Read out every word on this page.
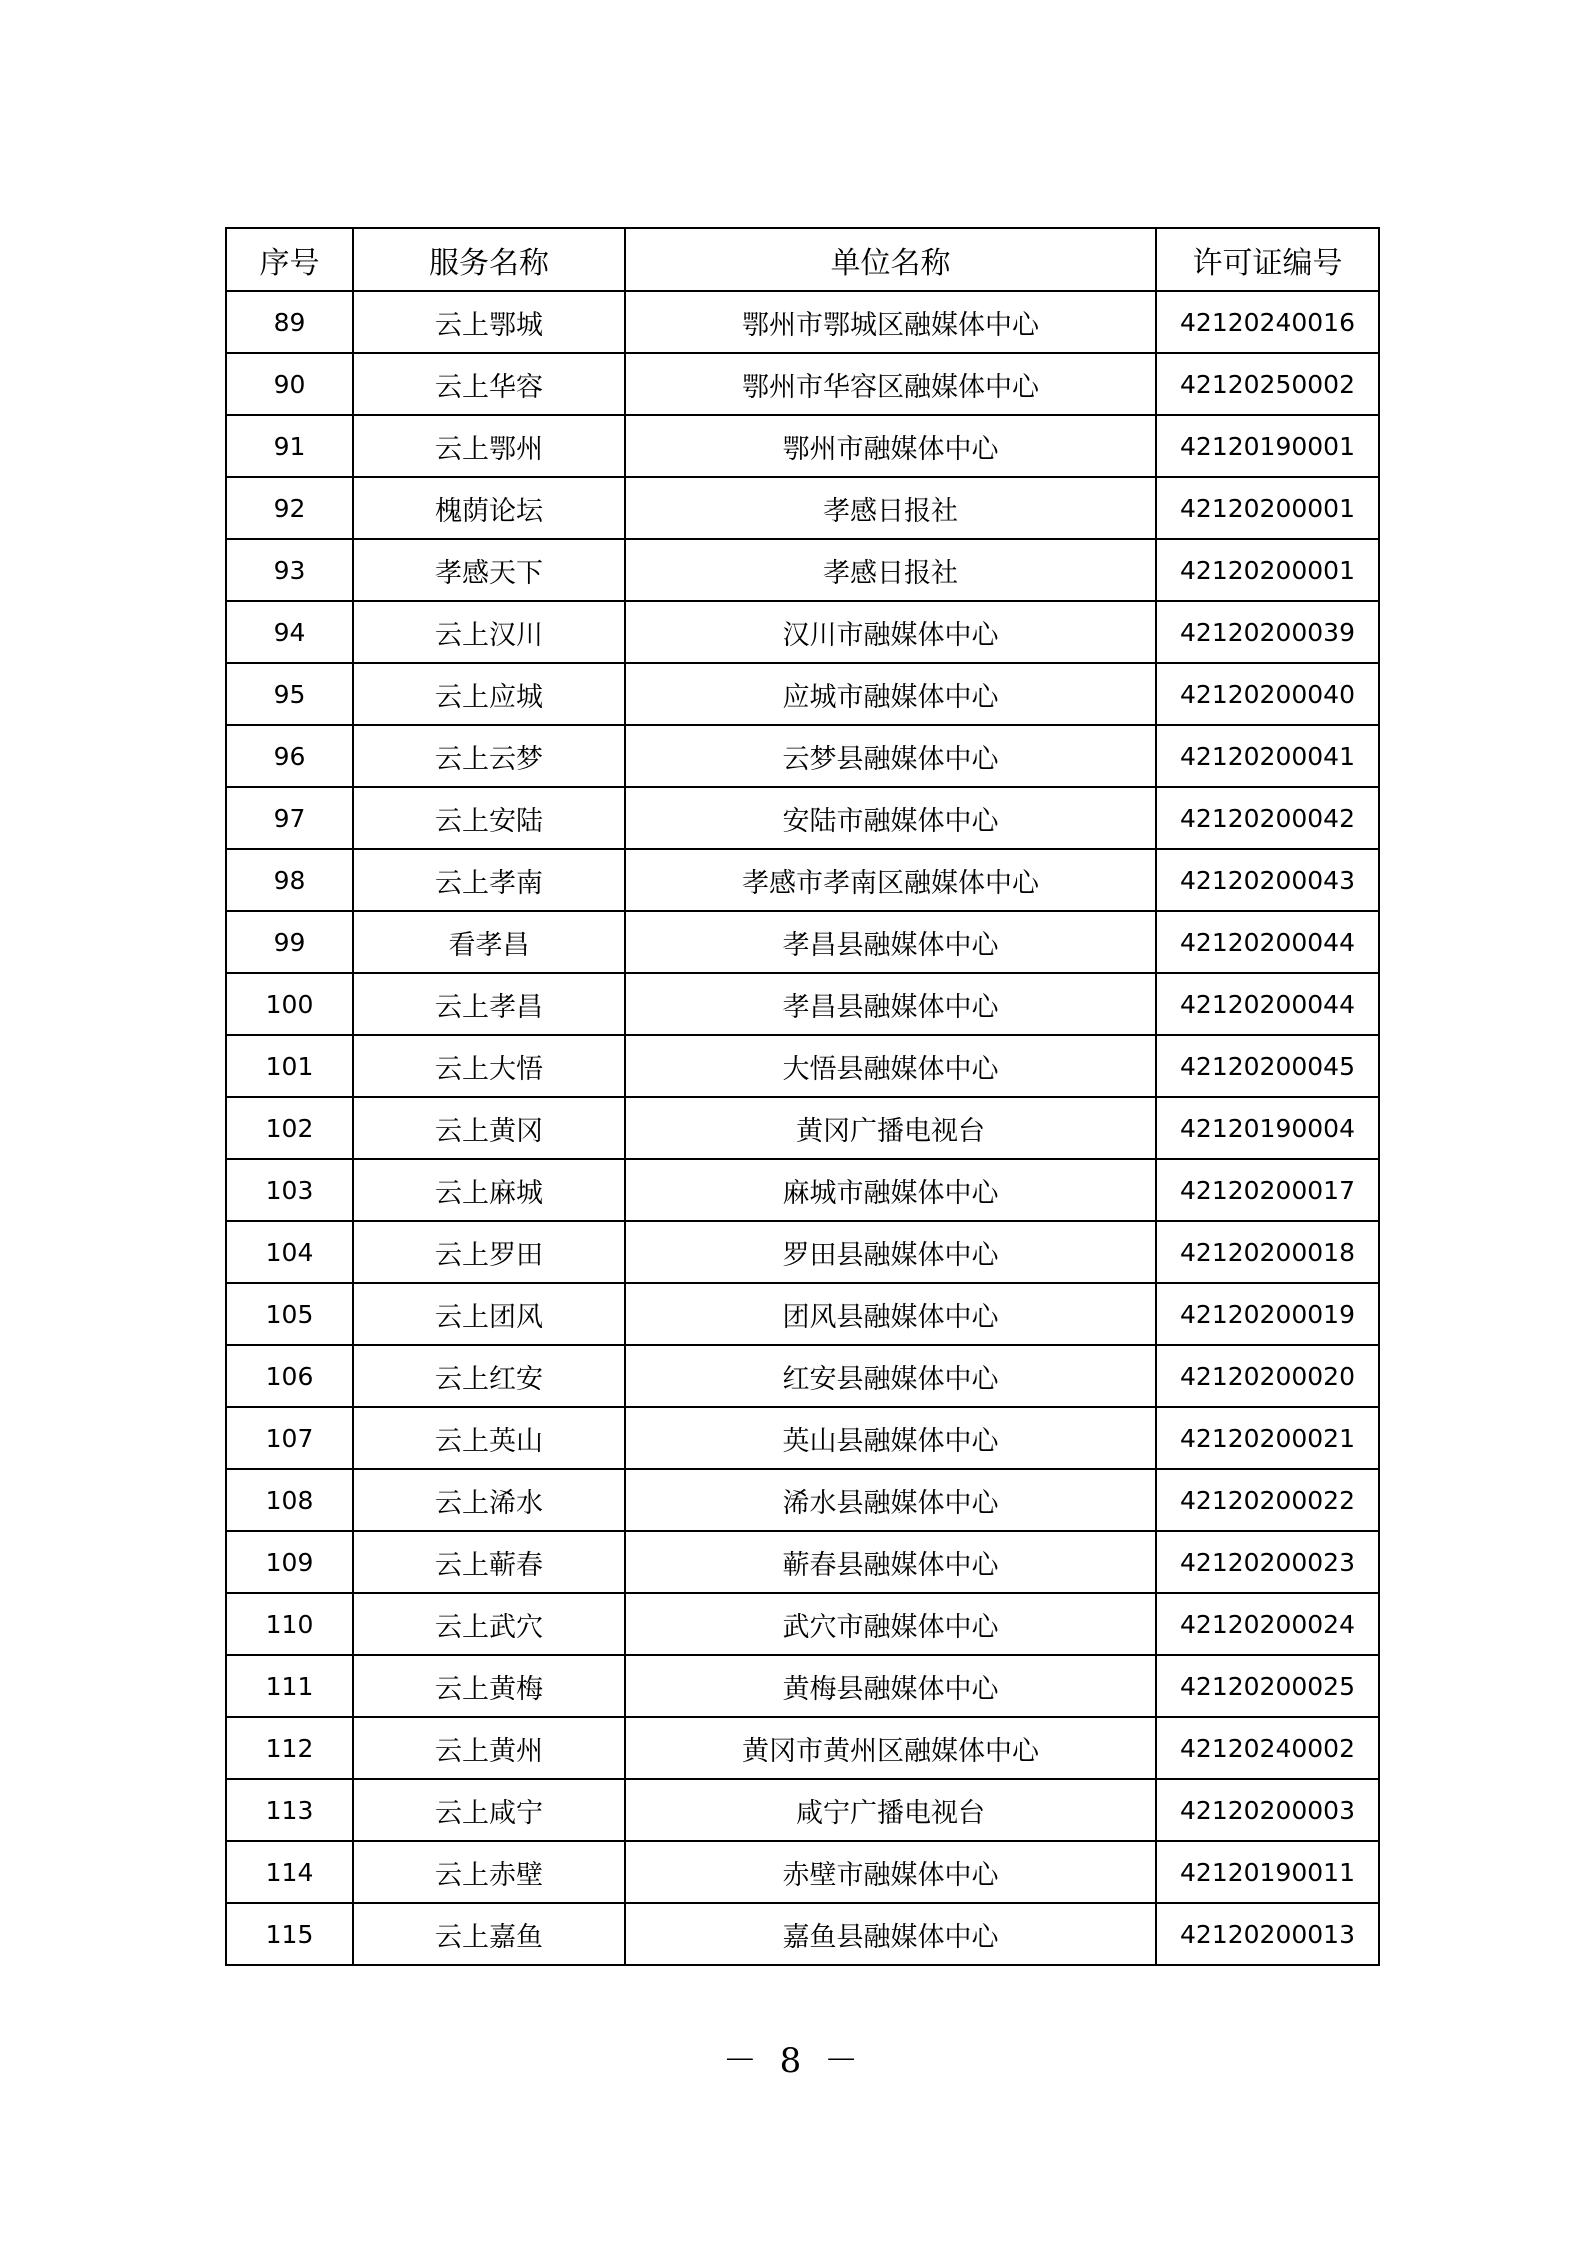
序号	服务名称	单位名称	许可证编号
89	云上鄂城	鄂州市鄂城区融媒体中心	42120240016
90	云上华容	鄂州市华容区融媒体中心	42120250002
91	云上鄂州	鄂州市融媒体中心	42120190001
92	槐荫论坛	孝感日报社	42120200001
93	孝感天下	孝感日报社	42120200001
94	云上汉川	汉川市融媒体中心	42120200039
95	云上应城	应城市融媒体中心	42120200040
96	云上云梦	云梦县融媒体中心	42120200041
97	云上安陆	安陆市融媒体中心	42120200042
98	云上孝南	孝感市孝南区融媒体中心	42120200043
99	看孝昌	孝昌县融媒体中心	42120200044
100	云上孝昌	孝昌县融媒体中心	42120200044
101	云上大悟	大悟县融媒体中心	42120200045
102	云上黄冈	黄冈广播电视台	42120190004
103	云上麻城	麻城市融媒体中心	42120200017
104	云上罗田	罗田县融媒体中心	42120200018
105	云上团风	团风县融媒体中心	42120200019
106	云上红安	红安县融媒体中心	42120200020
107	云上英山	英山县融媒体中心	42120200021
108	云上浠水	浠水县融媒体中心	42120200022
109	云上蕲春	蕲春县融媒体中心	42120200023
110	云上武穴	武穴市融媒体中心	42120200024
111	云上黄梅	黄梅县融媒体中心	42120200025
112	云上黄州	黄冈市黄州区融媒体中心	42120240002
113	云上咸宁	咸宁广播电视台	42120200003
114	云上赤壁	赤壁市融媒体中心	42120190011
115	云上嘉鱼	嘉鱼县融媒体中心	42120200013
－ 8 －
